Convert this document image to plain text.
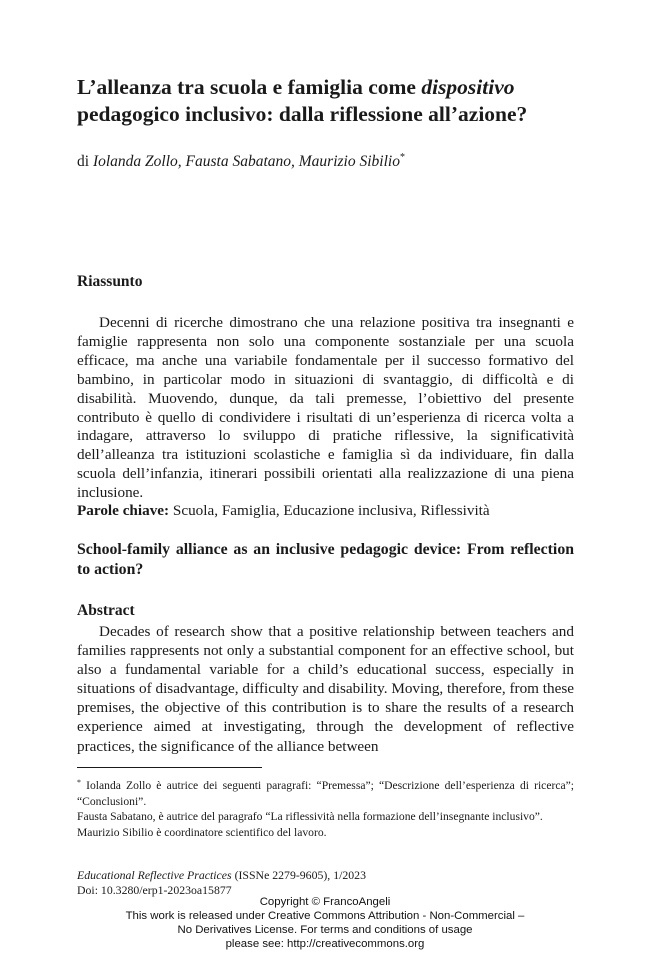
L’alleanza tra scuola e famiglia come dispositivo pedagogico inclusivo: dalla riflessione all’azione?
di Iolanda Zollo, Fausta Sabatano, Maurizio Sibilio*
Riassunto

Decenni di ricerche dimostrano che una relazione positiva tra insegnanti e famiglie rappresenta non solo una componente sostanziale per una scuola efficace, ma anche una variabile fondamentale per il successo formativo del bambino, in particolar modo in situazioni di svantaggio, di difficoltà e di disabilità. Muovendo, dunque, da tali premesse, l’obiettivo del presente contributo è quello di condividere i risultati di un’esperienza di ricerca volta a indagare, attraverso lo sviluppo di pratiche riflessive, la significatività dell’alleanza tra istituzioni scolastiche e famiglia sì da individuare, fin dalla scuola dell’infanzia, itinerari possibili orientati alla realizzazione di una piena inclusione.

Parole chiave: Scuola, Famiglia, Educazione inclusiva, Riflessività

School-family alliance as an inclusive pedagogic device: From reflection to action?
Abstract

Decades of research show that a positive relationship between teachers and families rappresents not only a substantial component for an effective school, but also a fundamental variable for a child’s educational success, especially in situations of disadvantage, difficulty and disability. Moving, therefore, from these premises, the objective of this contribution is to share the results of a research experience aimed at investigating, through the development of reflective practices, the significance of the alliance between

* Iolanda Zollo è autrice dei seguenti paragrafi: “Premessa”; “Descrizione dell’esperienza di ricerca”; “Conclusioni”.

Fausta Sabatano, è autrice del paragrafo “La riflessività nella formazione dell’insegnante inclusivo”.

Maurizio Sibilio è coordinatore scientifico del lavoro.

Educational Reflective Practices (ISSNe 2279-9605), 1/2023
Doi: 10.3280/erp1-2023oa15877
Copyright © FrancoAngeli
This work is released under Creative Commons Attribution - Non-Commercial –
No Derivatives License. For terms and conditions of usage
please see: http://creativecommons.org
